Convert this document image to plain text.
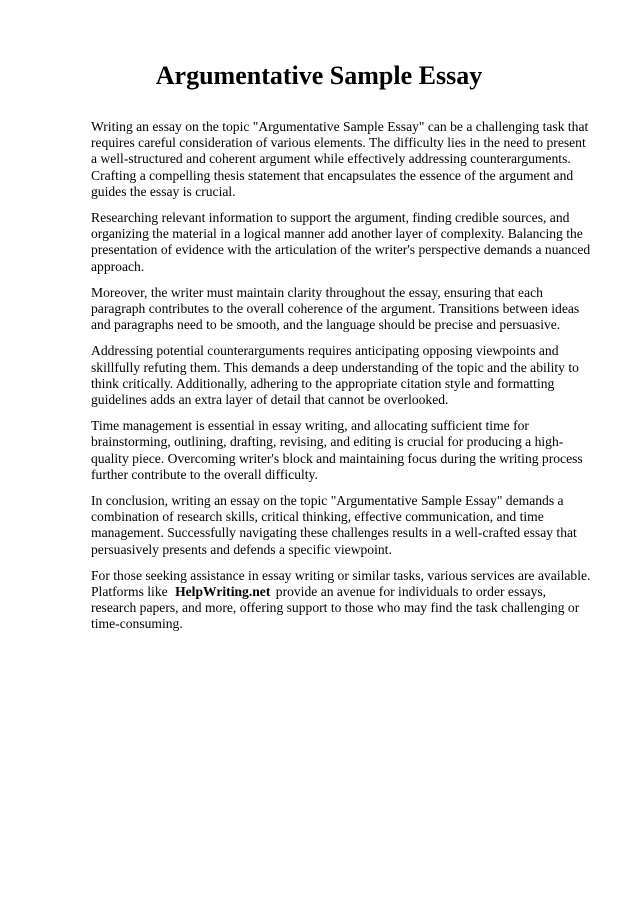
Argumentative Sample Essay

Writing an essay on the topic "Argumentative Sample Essay" can be a challenging task that requires careful consideration of various elements. The difficulty lies in the need to present a well-structured and coherent argument while effectively addressing counterarguments. Crafting a compelling thesis statement that encapsulates the essence of the argument and guides the essay is crucial.

Researching relevant information to support the argument, finding credible sources, and organizing the material in a logical manner add another layer of complexity. Balancing the presentation of evidence with the articulation of the writer's perspective demands a nuanced approach.

Moreover, the writer must maintain clarity throughout the essay, ensuring that each paragraph contributes to the overall coherence of the argument. Transitions between ideas and paragraphs need to be smooth, and the language should be precise and persuasive.

Addressing potential counterarguments requires anticipating opposing viewpoints and skillfully refuting them. This demands a deep understanding of the topic and the ability to think critically. Additionally, adhering to the appropriate citation style and formatting guidelines adds an extra layer of detail that cannot be overlooked.

Time management is essential in essay writing, and allocating sufficient time for brainstorming, outlining, drafting, revising, and editing is crucial for producing a high-quality piece. Overcoming writer's block and maintaining focus during the writing process further contribute to the overall difficulty.

In conclusion, writing an essay on the topic "Argumentative Sample Essay" demands a combination of research skills, critical thinking, effective communication, and time management. Successfully navigating these challenges results in a well-crafted essay that persuasively presents and defends a specific viewpoint.

For those seeking assistance in essay writing or similar tasks, various services are available. Platforms like HelpWriting.net provide an avenue for individuals to order essays, research papers, and more, offering support to those who may find the task challenging or time-consuming.
